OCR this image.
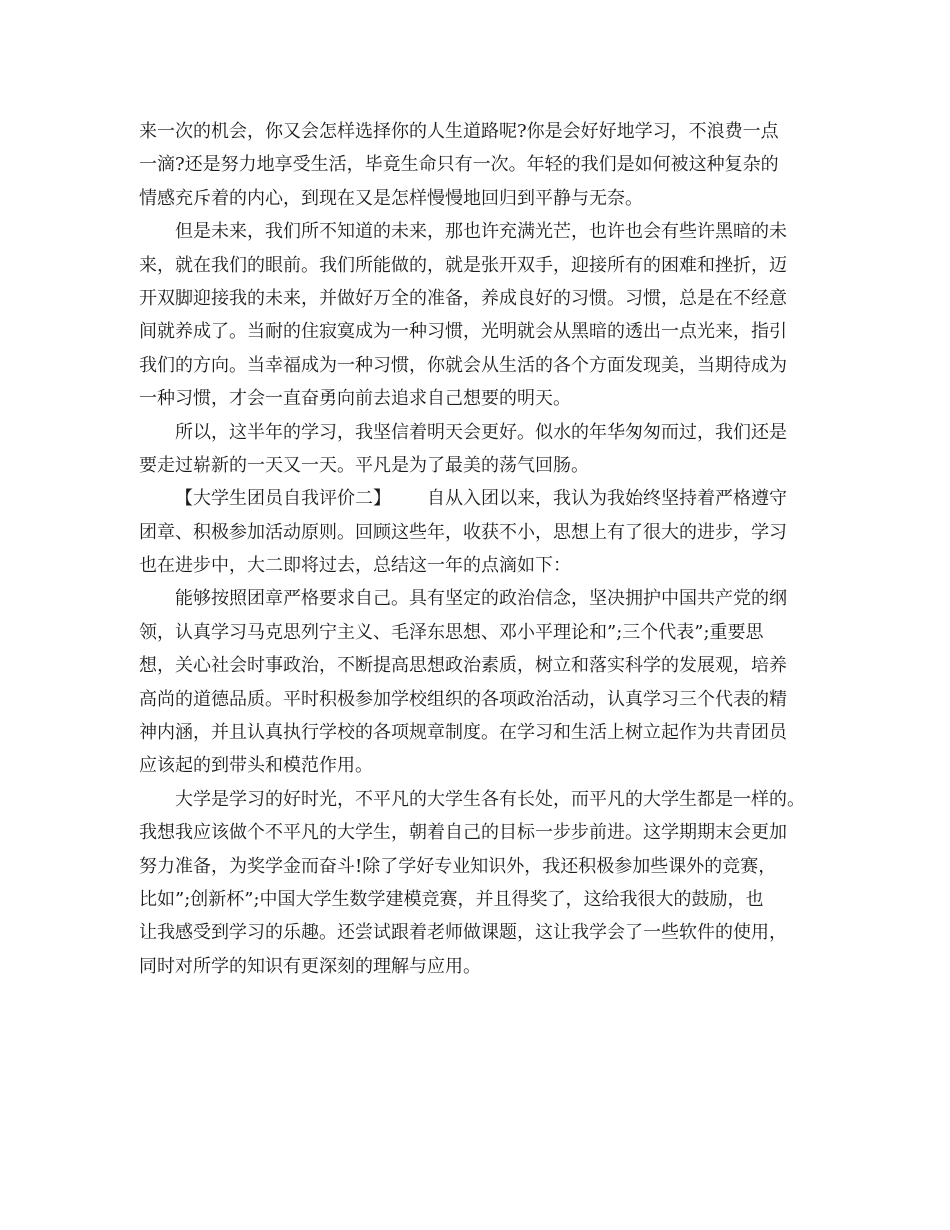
来一次的机会，你又会怎样选择你的人生道路呢?你是会好好地学习，不浪费一点
一滴?还是努力地享受生活，毕竟生命只有一次。年轻的我们是如何被这种复杂的
情感充斥着的内心，到现在又是怎样慢慢地回归到平静与无奈。
但是未来，我们所不知道的未来，那也许充满光芒，也许也会有些许黑暗的未
来，就在我们的眼前。我们所能做的，就是张开双手，迎接所有的困难和挫折，迈
开双脚迎接我的未来，并做好万全的准备，养成良好的习惯。习惯，总是在不经意
间就养成了。当耐的住寂寞成为一种习惯，光明就会从黑暗的透出一点光来，指引
我们的方向。当幸福成为一种习惯，你就会从生活的各个方面发现美，当期待成为
一种习惯，才会一直奋勇向前去追求自己想要的明天。
所以，这半年的学习，我坚信着明天会更好。似水的年华匆匆而过，我们还是
要走过崭新的一天又一天。平凡是为了最美的荡气回肠。
【大学生团员自我评价二】 自从入团以来，我认为我始终坚持着严格遵守
团章、积极参加活动原则。回顾这些年，收获不小，思想上有了很大的进步，学习
也在进步中，大二即将过去，总结这一年的点滴如下：
能够按照团章严格要求自己。具有坚定的政治信念，坚决拥护中国共产党的纲
领，认真学习马克思列宁主义、毛泽东思想、邓小平理论和”;三个代表”;重要思
想，关心社会时事政治，不断提高思想政治素质，树立和落实科学的发展观，培养
高尚的道德品质。平时积极参加学校组织的各项政治活动，认真学习三个代表的精
神内涵，并且认真执行学校的各项规章制度。在学习和生活上树立起作为共青团员
应该起的到带头和模范作用。
大学是学习的好时光，不平凡的大学生各有长处，而平凡的大学生都是一样的。
我想我应该做个不平凡的大学生，朝着自己的目标一步步前进。这学期期末会更加
努力准备，为奖学金而奋斗!除了学好专业知识外，我还积极参加些课外的竞赛，
比如”;创新杯”;中国大学生数学建模竞赛，并且得奖了，这给我很大的鼓励，也
让我感受到学习的乐趣。还尝试跟着老师做课题，这让我学会了一些软件的使用，
同时对所学的知识有更深刻的理解与应用。
